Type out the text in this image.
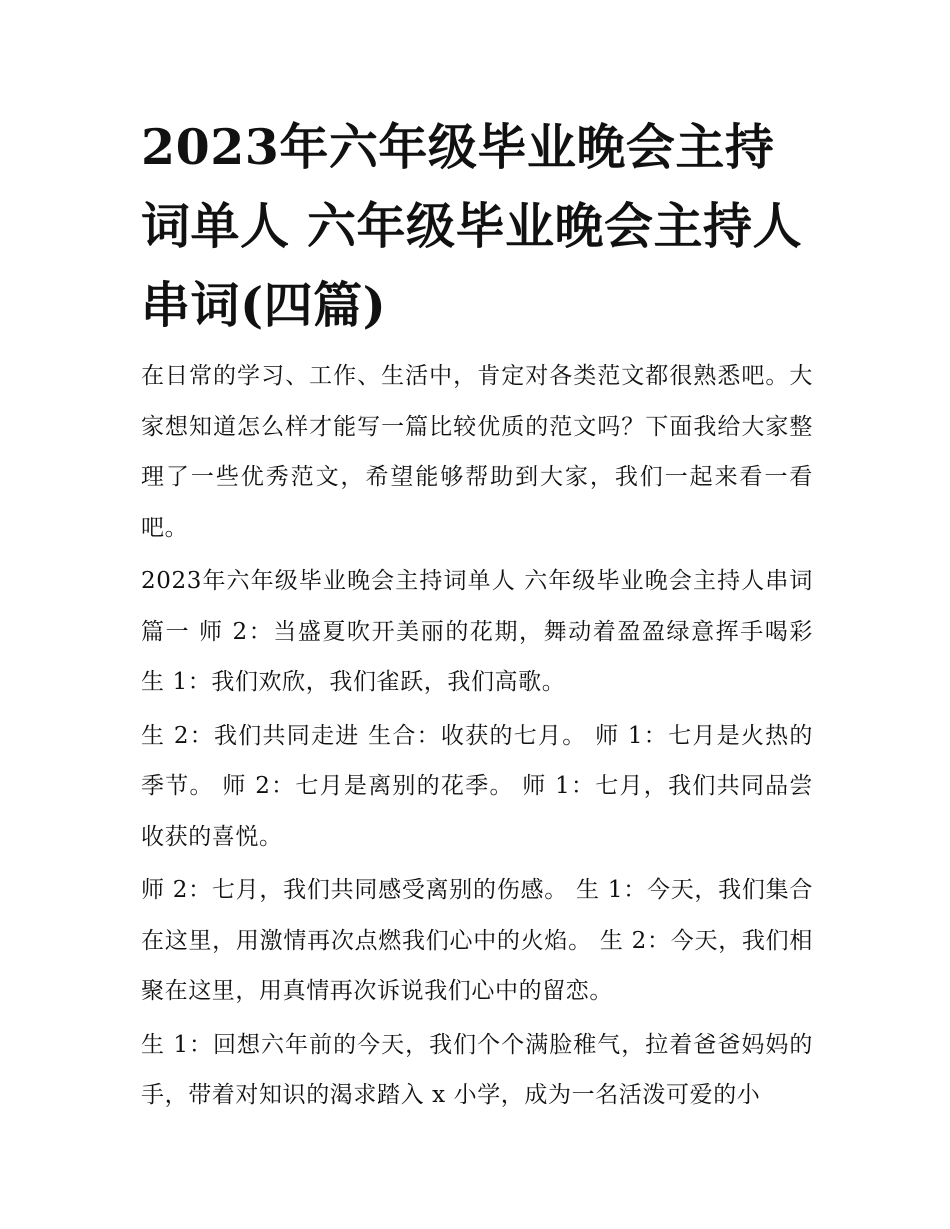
2023年六年级毕业晚会主持词单人 六年级毕业晚会主持人串词(四篇)

在日常的学习、工作、生活中，肯定对各类范文都很熟悉吧。大家想知道怎么样才能写一篇比较优质的范文吗？下面我给大家整理了一些优秀范文，希望能够帮助到大家，我们一起来看一看吧。

2023年六年级毕业晚会主持词单人 六年级毕业晚会主持人串词篇一 师 2：当盛夏吹开美丽的花期，舞动着盈盈绿意挥手喝彩 生 1：我们欢欣，我们雀跃，我们高歌。

生 2：我们共同走进 生合：收获的七月。 师 1：七月是火热的季节。 师 2：七月是离别的花季。 师 1：七月，我们共同品尝收获的喜悦。

师 2：七月，我们共同感受离别的伤感。 生 1：今天，我们集合在这里，用激情再次点燃我们心中的火焰。 生 2：今天，我们相聚在这里，用真情再次诉说我们心中的留恋。

生 1：回想六年前的今天，我们个个满脸稚气，拉着爸爸妈妈的手，带着对知识的渴求踏入 x 小学，成为一名活泼可爱的小
